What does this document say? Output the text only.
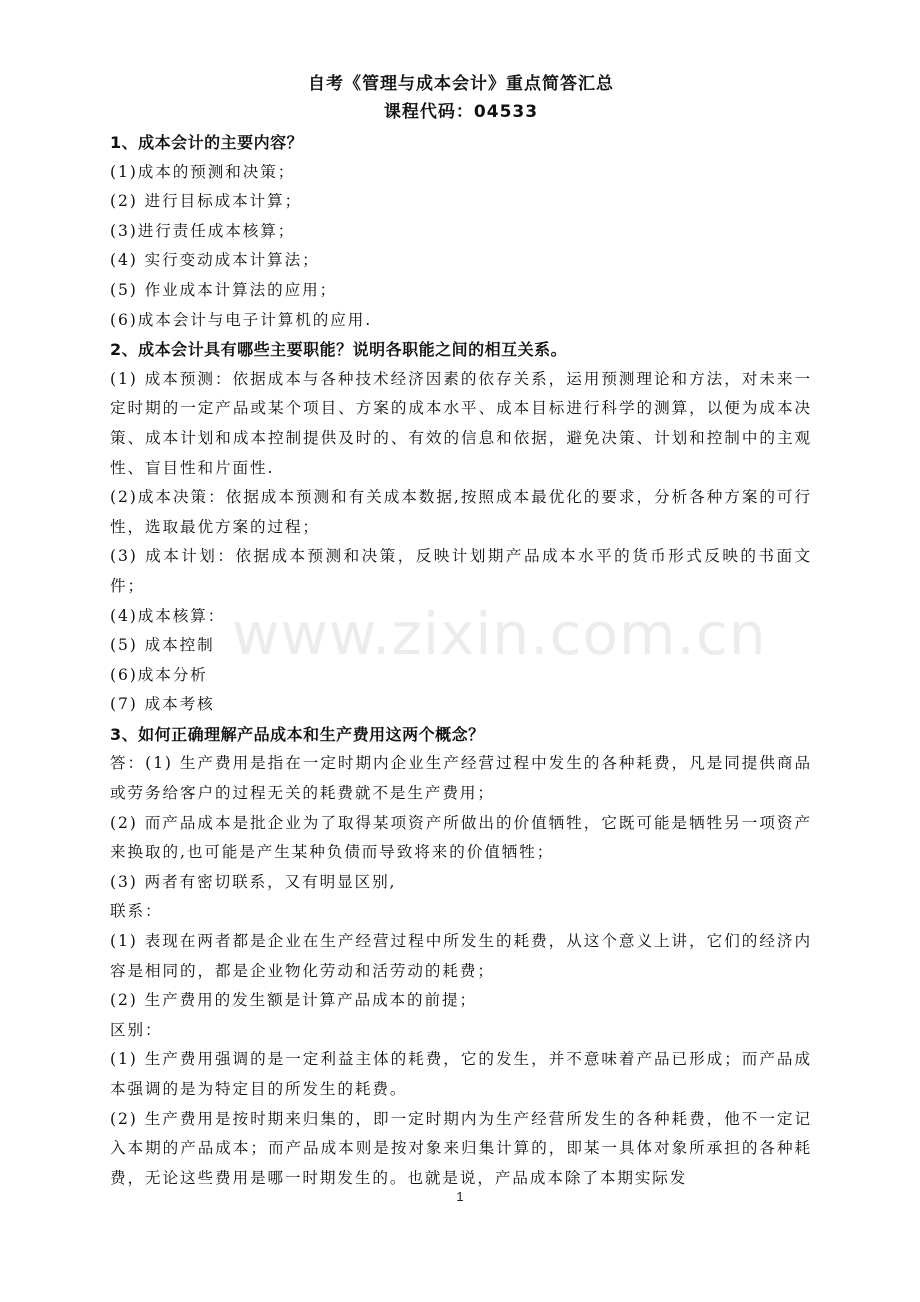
自考《管理与成本会计》重点简答汇总

课程代码：04533

1、成本会计的主要内容？

(1)成本的预测和决策；

(2) 进行目标成本计算；

(3)进行责任成本核算；

(4) 实行变动成本计算法；

(5) 作业成本计算法的应用；

(6)成本会计与电子计算机的应用.

2、成本会计具有哪些主要职能？说明各职能之间的相互关系。

(1) 成本预测：依据成本与各种技术经济因素的依存关系，运用预测理论和方法，对未来一定时期的一定产品或某个项目、方案的成本水平、成本目标进行科学的测算，以便为成本决策、成本计划和成本控制提供及时的、有效的信息和依据，避免决策、计划和控制中的主观性、盲目性和片面性.

(2)成本决策：依据成本预测和有关成本数据,按照成本最优化的要求，分析各种方案的可行性，选取最优方案的过程；

(3) 成本计划：依据成本预测和决策，反映计划期产品成本水平的货币形式反映的书面文件；

(4)成本核算：

(5) 成本控制

(6)成本分析

(7) 成本考核

3、如何正确理解产品成本和生产费用这两个概念？

答：(1) 生产费用是指在一定时期内企业生产经营过程中发生的各种耗费，凡是同提供商品或劳务给客户的过程无关的耗费就不是生产费用；

(2) 而产品成本是批企业为了取得某项资产所做出的价值牺牲，它既可能是牺牲另一项资产来换取的,也可能是产生某种负债而导致将来的价值牺牲；

(3) 两者有密切联系，又有明显区别,

联系：

(1) 表现在两者都是企业在生产经营过程中所发生的耗费，从这个意义上讲，它们的经济内容是相同的，都是企业物化劳动和活劳动的耗费；

(2) 生产费用的发生额是计算产品成本的前提；

区别：

(1) 生产费用强调的是一定利益主体的耗费，它的发生，并不意味着产品已形成；而产品成本强调的是为特定目的所发生的耗费。

(2) 生产费用是按时期来归集的，即一定时期内为生产经营所发生的各种耗费，他不一定记入本期的产品成本；而产品成本则是按对象来归集计算的，即某一具体对象所承担的各种耗费，无论这些费用是哪一时期发生的。也就是说，产品成本除了本期实际发

www.zixin.com.cn
1
